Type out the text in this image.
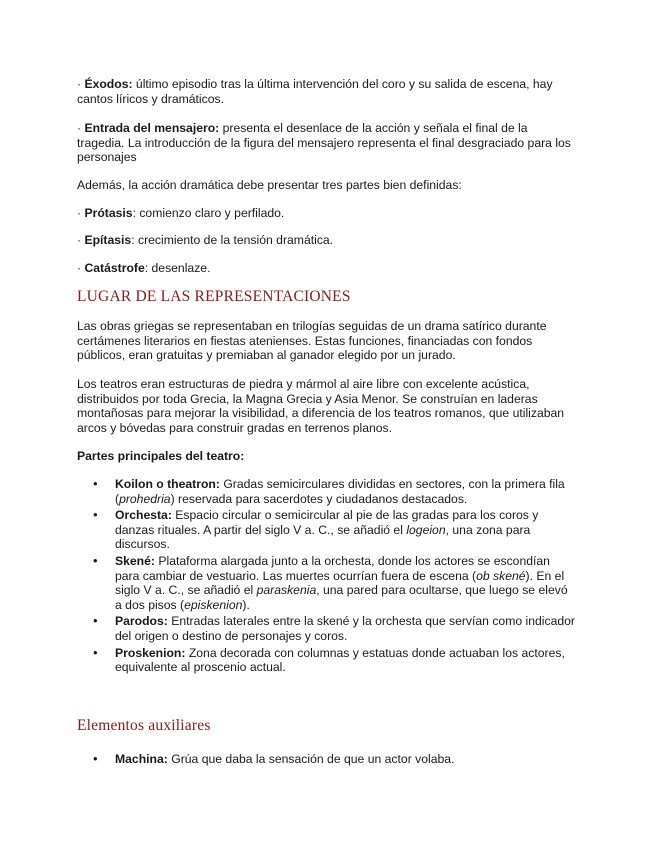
· Éxodos: último episodio tras la última intervención del coro y su salida de escena, hay cantos líricos y dramáticos.

· Entrada del mensajero: presenta el desenlace de la acción y señala el final de la tragedia. La introducción de la figura del mensajero representa el final desgraciado para los personajes

Además, la acción dramática debe presentar tres partes bien definidas:

· Prótasis: comienzo claro y perfilado.

· Epítasis: crecimiento de la tensión dramática.

· Catástrofe: desenlaze.

LUGAR DE LAS REPRESENTACIONES

Las obras griegas se representaban en trilogías seguidas de un drama satírico durante certámenes literarios en fiestas atenienses. Estas funciones, financiadas con fondos públicos, eran gratuitas y premiaban al ganador elegido por un jurado.

Los teatros eran estructuras de piedra y mármol al aire libre con excelente acústica, distribuidos por toda Grecia, la Magna Grecia y Asia Menor. Se construían en laderas montañosas para mejorar la visibilidad, a diferencia de los teatros romanos, que utilizaban arcos y bóvedas para construir gradas en terrenos planos.

Partes principales del teatro:

• Koilon o theatron: Gradas semicirculares divididas en sectores, con la primera fila (prohedria) reservada para sacerdotes y ciudadanos destacados.
• Orchesta: Espacio circular o semicircular al pie de las gradas para los coros y danzas rituales. A partir del siglo V a. C., se añadió el logeion, una zona para discursos.
• Skené: Plataforma alargada junto a la orchesta, donde los actores se escondían para cambiar de vestuario. Las muertes ocurrían fuera de escena (ob skené). En el siglo V a. C., se añadió el paraskenia, una pared para ocultarse, que luego se elevó a dos pisos (episkenion).
• Parodos: Entradas laterales entre la skené y la orchesta que servían como indicador del origen o destino de personajes y coros.
• Proskenion: Zona decorada con columnas y estatuas donde actuaban los actores, equivalente al proscenio actual.
Elementos auxiliares
• Machina: Grúa que daba la sensación de que un actor volaba.
